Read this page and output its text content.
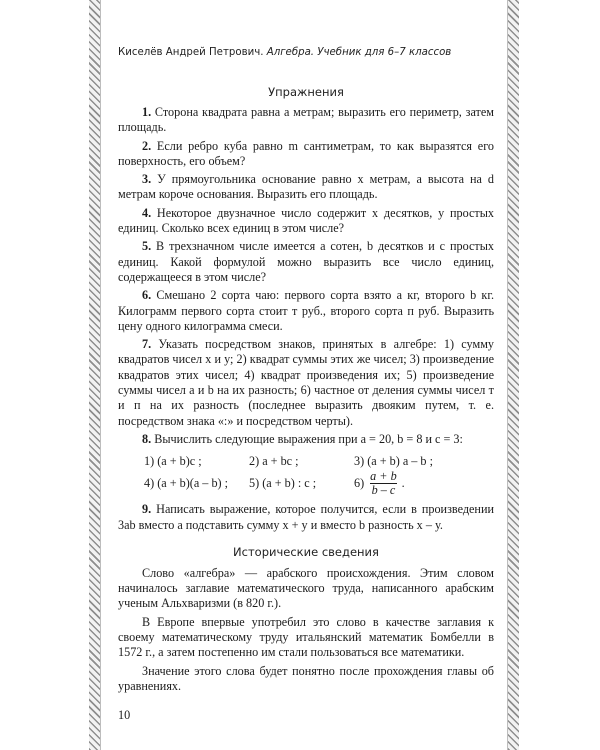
Киселёв Андрей Петрович. Алгебра. Учебник для 6–7 классов
Упражнения

1. Сторона квадрата равна a метрам; выразить его периметр, затем площадь.

2. Если ребро куба равно m сантиметрам, то как выразятся его поверхность, его объем?

3. У прямоугольника основание равно x метрам, а высота на d метрам короче основания. Выразить его площадь.

4. Некоторое двузначное число содержит x десятков, у простых единиц. Сколько всех единиц в этом числе?

5. В трехзначном числе имеется а сотен, b десятков и с простых единиц. Какой формулой можно выразить все число единиц, содержащееся в этом числе?

6. Смешано 2 сорта чаю: первого сорта взято а кг, второго b кг. Килограмм первого сорта стоит т руб., второго сорта п руб. Выразить цену одного килограмма смеси.

7. Указать посредством знаков, принятых в алгебре: 1) сумму квадратов чисел x и у; 2) квадрат суммы этих же чисел; 3) произведение квадратов этих чисел; 4) квадрат произведения их; 5) произведение суммы чисел а и b на их разность; 6) частное от деления суммы чисел т и п на их разность (последнее выразить двояким путем, т. е. посредством знака «:» и посредством черты).

8. Вычислить следующие выражения при а = 20, b = 8 и с = 3:

1) (a + b)c ;	2) a + bc ;	3) (a + b) a – b ;
4) (a + b)(a – b) ;	5) (a + b) : c ;	$6) \frac{a + b}{b - c}$ .

9. Написать выражение, которое получится, если в произведении 3ab вместо а подставить сумму x + у и вместо b разность x – у.

Исторические сведения

Слово «алгебра» — арабского происхождения. Этим словом начиналось заглавие математического труда, написанного арабским ученым Альхваризми (в 820 г.).

В Европе впервые употребил это слово в качестве заглавия к своему математическому труду итальянский математик Бомбелли в 1572 г., а затем постепенно им стали пользоваться все математики.

Значение этого слова будет понятно после прохождения главы об уравнениях.

10
